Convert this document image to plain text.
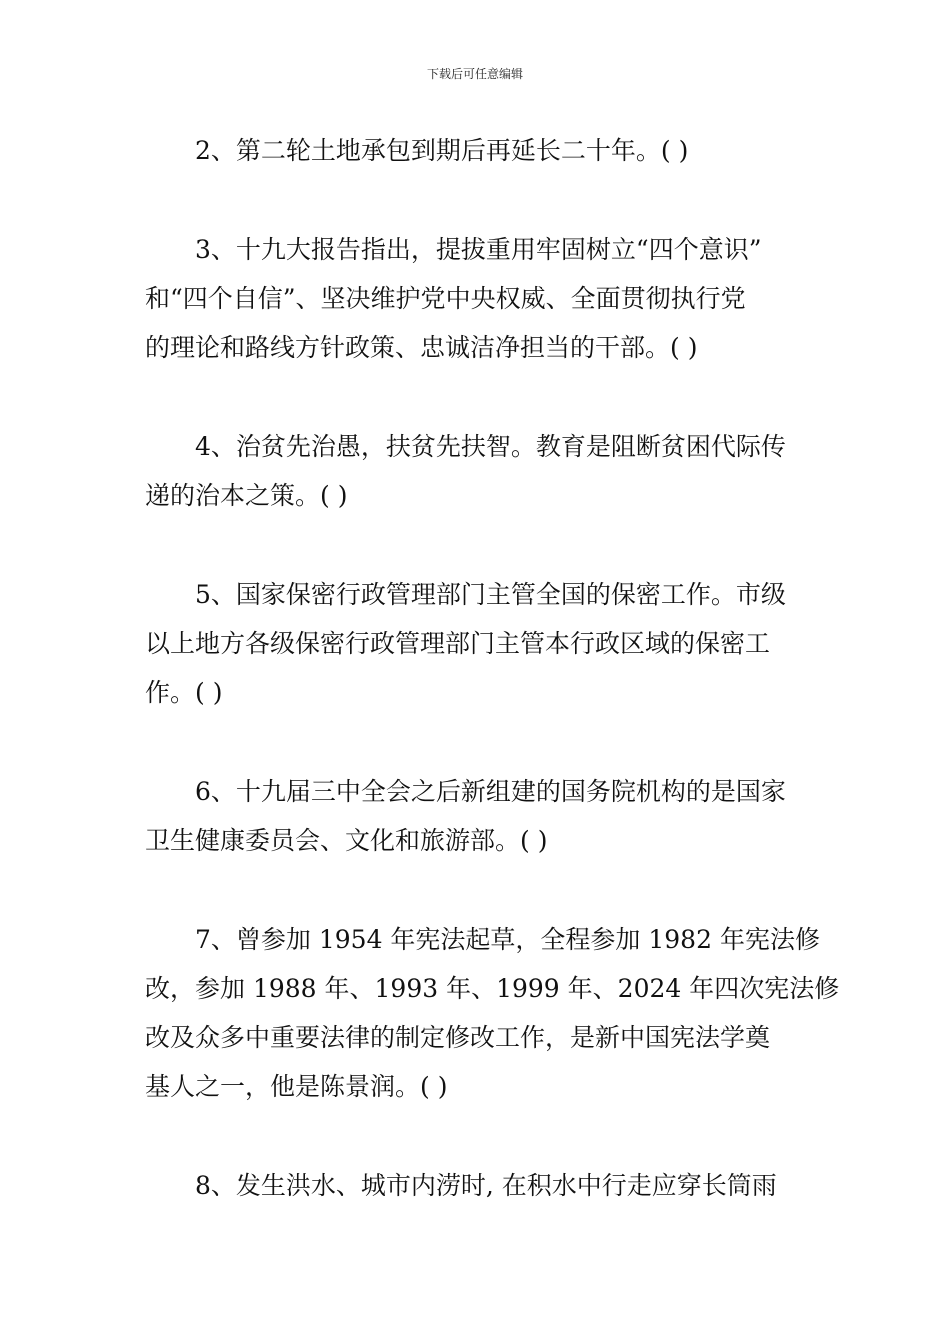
下载后可任意编辑

2、第二轮土地承包到期后再延长二十年。( )

3、十九大报告指出，提拔重用牢固树立“四个意识”
和“四个自信”、坚决维护党中央权威、全面贯彻执行党
的理论和路线方针政策、忠诚洁净担当的干部。( )

4、治贫先治愚，扶贫先扶智。教育是阻断贫困代际传
递的治本之策。( )

5、国家保密行政管理部门主管全国的保密工作。市级
以上地方各级保密行政管理部门主管本行政区域的保密工
作。( )

6、十九届三中全会之后新组建的国务院机构的是国家
卫生健康委员会、文化和旅游部。( )

7、曾参加 1954 年宪法起草，全程参加 1982 年宪法修
改，参加 1988 年、1993 年、1999 年、2024 年四次宪法修
改及众多中重要法律的制定修改工作，是新中国宪法学奠
基人之一，他是陈景润。( )

8、发生洪水、城市内涝时, 在积水中行走应穿长筒雨
